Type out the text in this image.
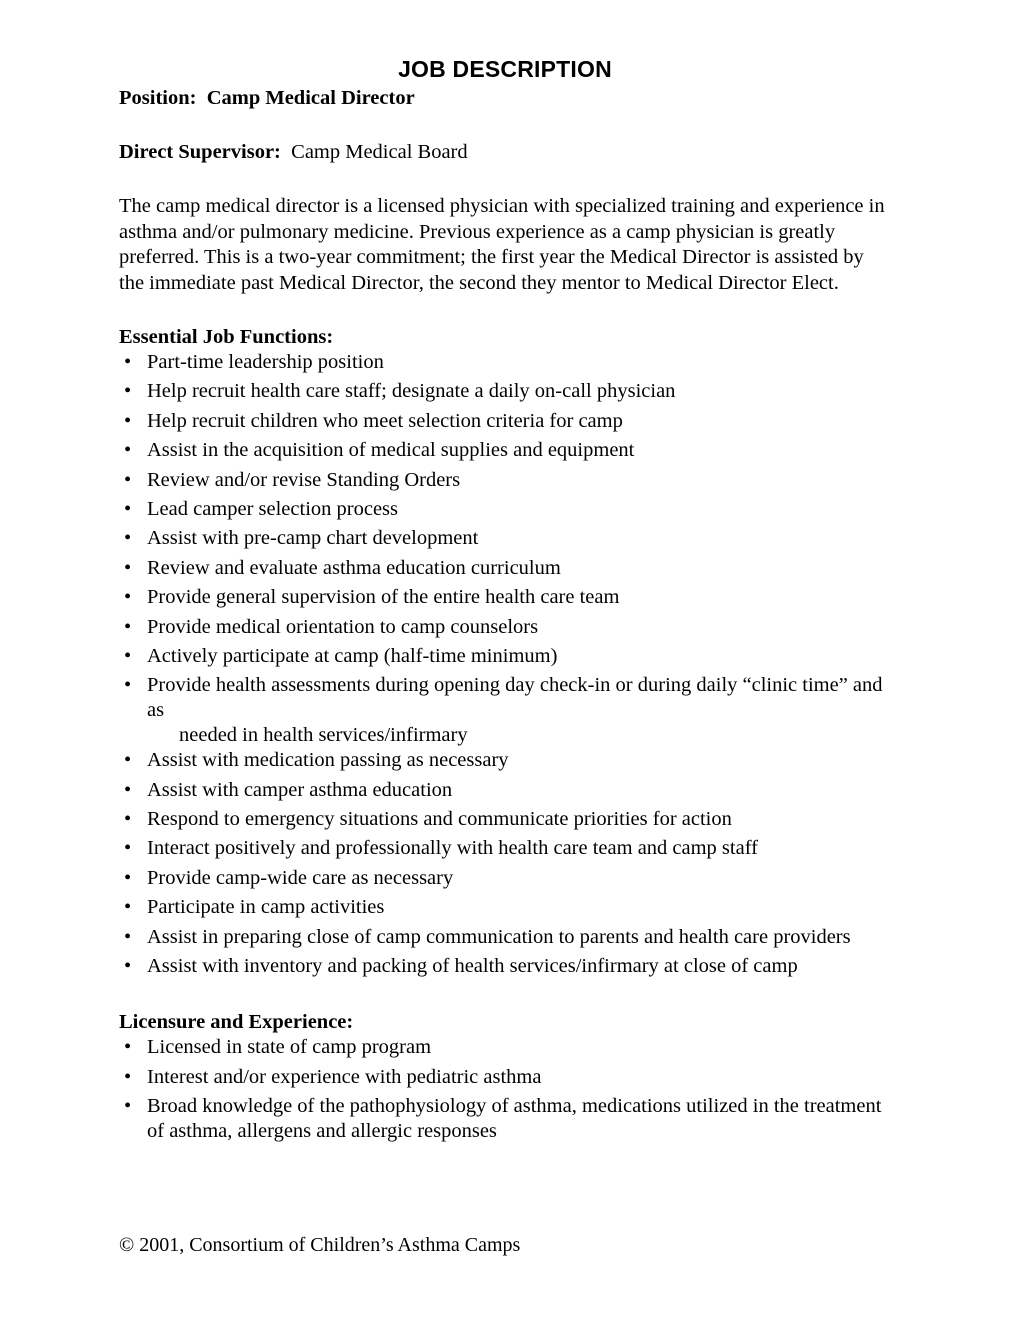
JOB DESCRIPTION

Position: Camp Medical Director

Direct Supervisor: Camp Medical Board

The camp medical director is a licensed physician with specialized training and experience in asthma and/or pulmonary medicine. Previous experience as a camp physician is greatly preferred. This is a two-year commitment; the first year the Medical Director is assisted by the immediate past Medical Director, the second they mentor to Medical Director Elect.

Essential Job Functions:
• Part-time leadership position
• Help recruit health care staff; designate a daily on-call physician
• Help recruit children who meet selection criteria for camp
• Assist in the acquisition of medical supplies and equipment
• Review and/or revise Standing Orders
• Lead camper selection process
• Assist with pre-camp chart development
• Review and evaluate asthma education curriculum
• Provide general supervision of the entire health care team
• Provide medical orientation to camp counselors
• Actively participate at camp (half-time minimum)
• Provide health assessments during opening day check-in or during daily “clinic time” and as
needed in health services/infirmary
• Assist with medication passing as necessary
• Assist with camper asthma education
• Respond to emergency situations and communicate priorities for action
• Interact positively and professionally with health care team and camp staff
• Provide camp-wide care as necessary
• Participate in camp activities
• Assist in preparing close of camp communication to parents and health care providers
• Assist with inventory and packing of health services/infirmary at close of camp
Licensure and Experience:
• Licensed in state of camp program
• Interest and/or experience with pediatric asthma
• Broad knowledge of the pathophysiology of asthma, medications utilized in the treatment of asthma, allergens and allergic responses
© 2001, Consortium of Children’s Asthma Camps
